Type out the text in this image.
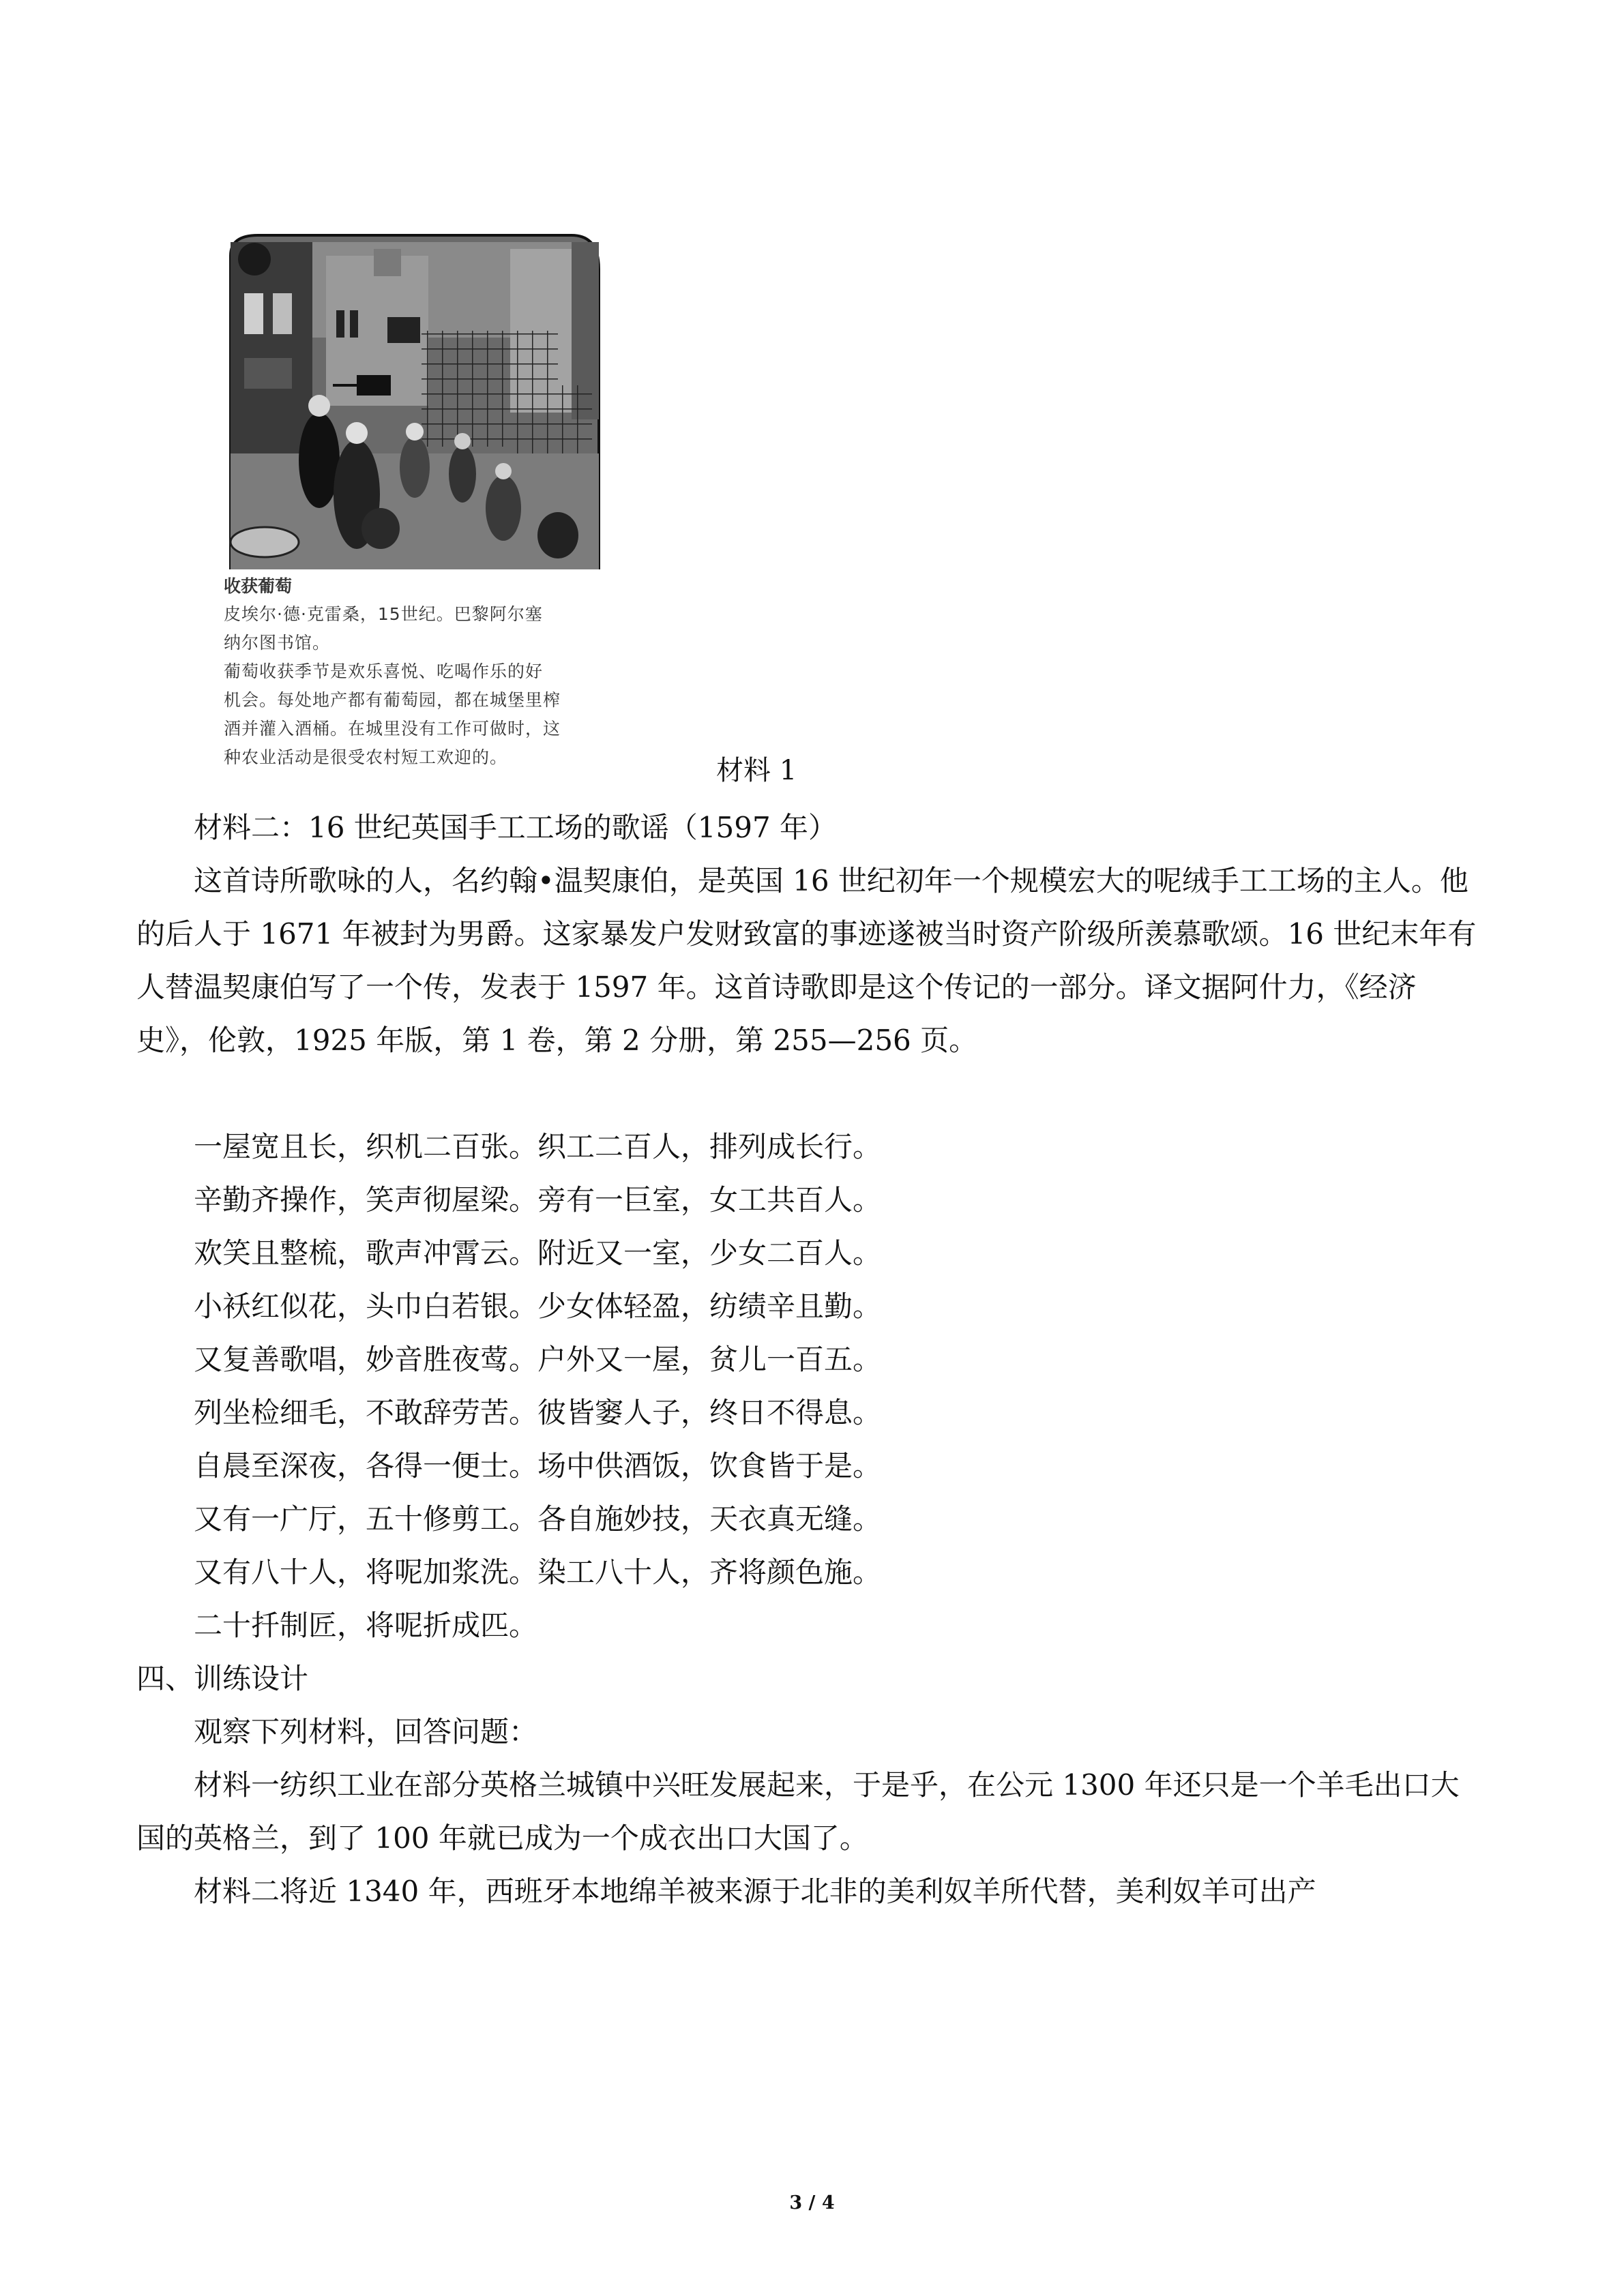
收获葡萄

皮埃尔·德·克雷桑，15世纪。巴黎阿尔塞

纳尔图书馆。

葡萄收获季节是欢乐喜悦、吃喝作乐的好

机会。每处地产都有葡萄园，都在城堡里榨

酒并灌入酒桶。在城里没有工作可做时，这

种农业活动是很受农村短工欢迎的。	材料 1

材料二：16 世纪英国手工工场的歌谣（1597 年）

这首诗所歌咏的人，名约翰•温契康伯，是英国 16 世纪初年一个规模宏大的呢绒手工工场的主人。他的后人于 1671 年被封为男爵。这家暴发户发财致富的事迹遂被当时资产阶级所羡慕歌颂。16 世纪末年有人替温契康伯写了一个传，发表于 1597 年。这首诗歌即是这个传记的一部分。译文据阿什力，《经济史》，伦敦，1925 年版，第 1 卷，第 2 分册，第 255—256 页。

一屋宽且长，织机二百张。织工二百人，排列成长行。

辛勤齐操作，笑声彻屋梁。旁有一巨室，女工共百人。

欢笑且整梳，歌声冲霄云。附近又一室，少女二百人。

小袄红似花，头巾白若银。少女体轻盈，纺绩辛且勤。

又复善歌唱，妙音胜夜莺。户外又一屋，贫儿一百五。

列坐检细毛，不敢辞劳苦。彼皆窭人子，终日不得息。

自晨至深夜，各得一便士。场中供酒饭，饮食皆于是。

又有一广厅，五十修剪工。各自施妙技，天衣真无缝。

又有八十人，将呢加浆洗。染工八十人，齐将颜色施。

二十扦制匠，将呢折成匹。

四、训练设计

观察下列材料，回答问题：

材料一纺织工业在部分英格兰城镇中兴旺发展起来，于是乎，在公元 1300 年还只是一个羊毛出口大国的英格兰，到了 100 年就已成为一个成衣出口大国了。

材料二将近 1340 年，西班牙本地绵羊被来源于北非的美利奴羊所代替，美利奴羊可出产

3 / 4
